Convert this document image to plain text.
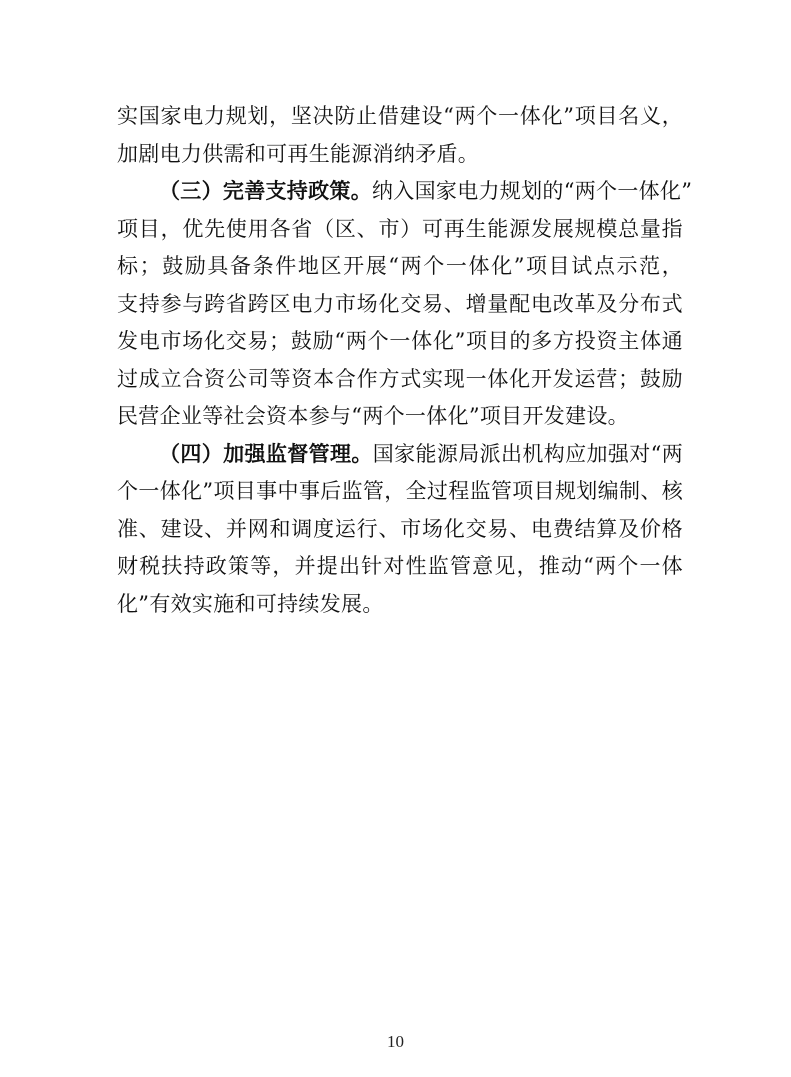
实国家电力规划，坚决防止借建设“两个一体化”项目名义，
加剧电力供需和可再生能源消纳矛盾。
（三）完善支持政策。纳入国家电力规划的“两个一体化”
项目，优先使用各省（区、市）可再生能源发展规模总量指
标；鼓励具备条件地区开展“两个一体化”项目试点示范，
支持参与跨省跨区电力市场化交易、增量配电改革及分布式
发电市场化交易；鼓励“两个一体化”项目的多方投资主体通
过成立合资公司等资本合作方式实现一体化开发运营；鼓励
民营企业等社会资本参与“两个一体化”项目开发建设。
（四）加强监督管理。国家能源局派出机构应加强对“两
个一体化”项目事中事后监管，全过程监管项目规划编制、核
准、建设、并网和调度运行、市场化交易、电费结算及价格
财税扶持政策等，并提出针对性监管意见，推动“两个一体
化”有效实施和可持续发展。
10
